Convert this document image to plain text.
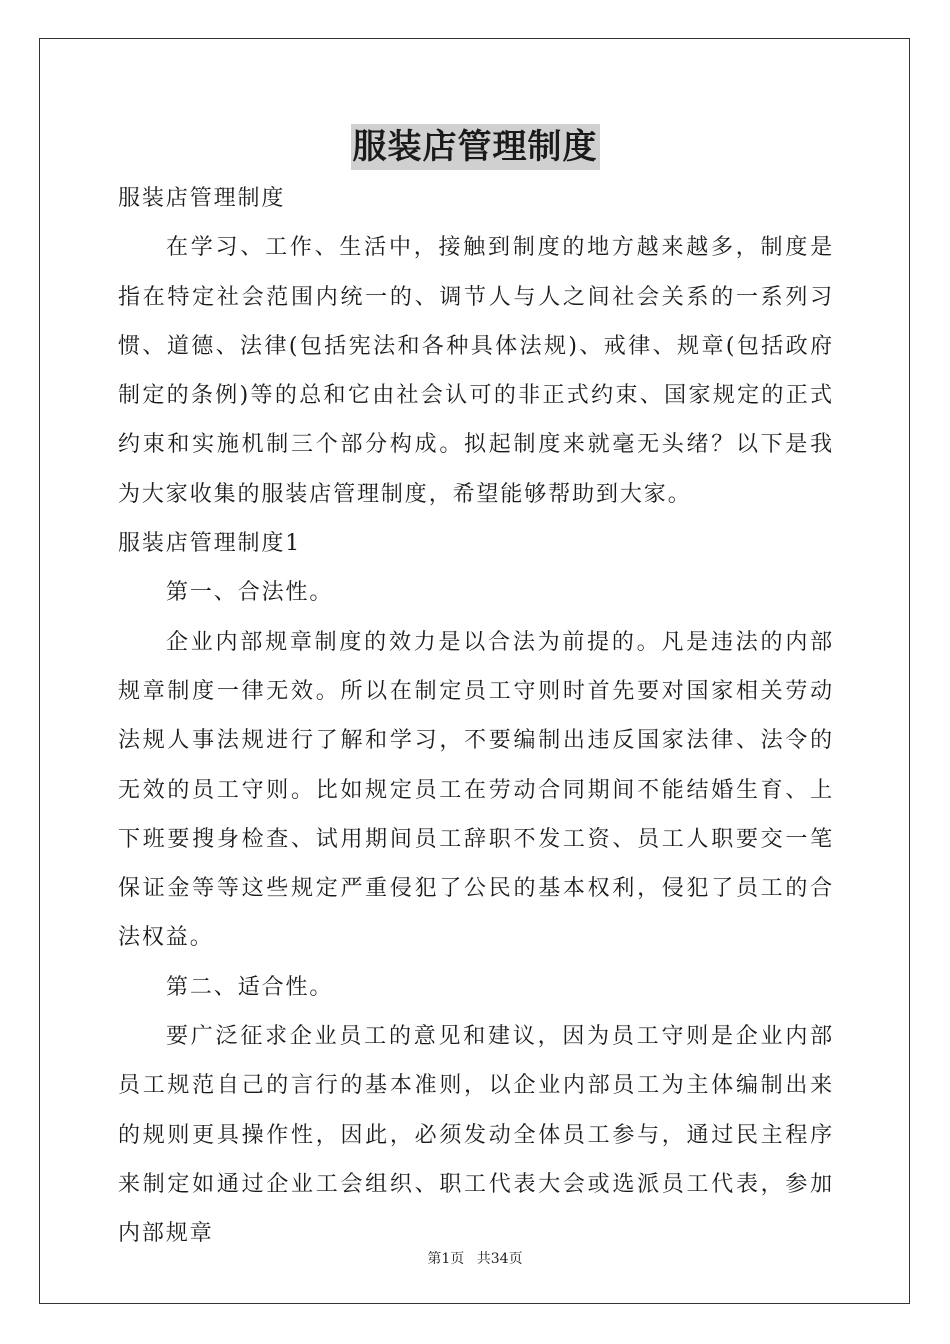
服装店管理制度

服装店管理制度

在学习、工作、生活中，接触到制度的地方越来越多，制度是指在特定社会范围内统一的、调节人与人之间社会关系的一系列习惯、道德、法律(包括宪法和各种具体法规)、戒律、规章(包括政府制定的条例)等的总和它由社会认可的非正式约束、国家规定的正式约束和实施机制三个部分构成。拟起制度来就毫无头绪？以下是我为大家收集的服装店管理制度，希望能够帮助到大家。

服装店管理制度1

第一、合法性。

企业内部规章制度的效力是以合法为前提的。凡是违法的内部规章制度一律无效。所以在制定员工守则时首先要对国家相关劳动法规人事法规进行了解和学习，不要编制出违反国家法律、法令的无效的员工守则。比如规定员工在劳动合同期间不能结婚生育、上下班要搜身检查、试用期间员工辞职不发工资、员工人职要交一笔保证金等等这些规定严重侵犯了公民的基本权利，侵犯了员工的合法权益。

第二、适合性。

要广泛征求企业员工的意见和建议，因为员工守则是企业内部员工规范自己的言行的基本准则，以企业内部员工为主体编制出来的规则更具操作性，因此，必须发动全体员工参与，通过民主程序来制定如通过企业工会组织、职工代表大会或选派员工代表，参加内部规章

第1页 共34页
